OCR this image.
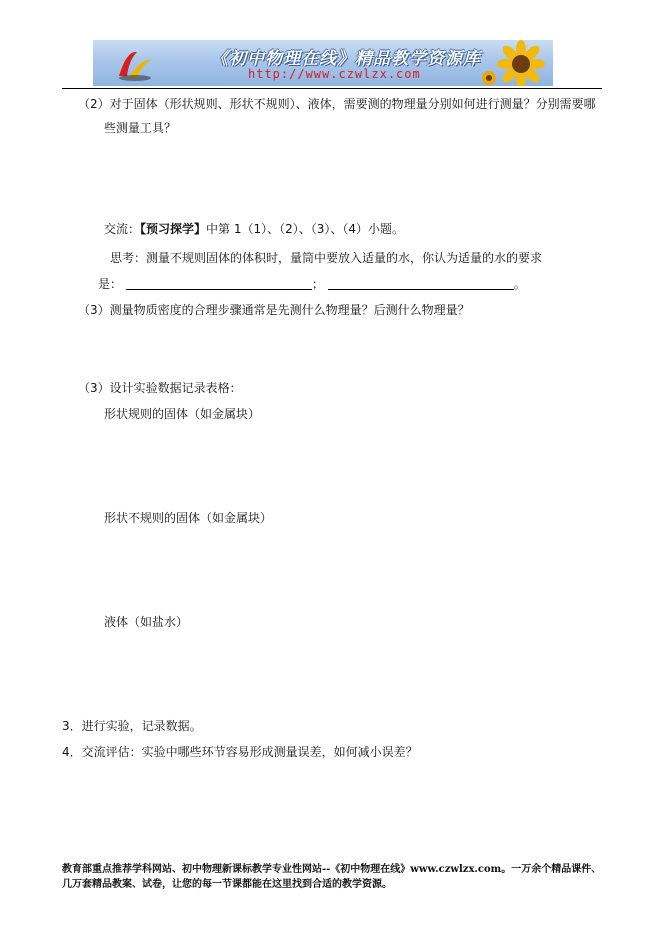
《初中物理在线》精品教学资源库
http://www.czwlzx.com
（2）对于固体（形状规则、形状不规则）、液体，需要测的物理量分别如何进行测量？分别需要哪
些测量工具？
交流：【预习探学】中第 1（1）、（2）、（3）、（4）小题。
思考：测量不规则固体的体积时，量筒中要放入适量的水，你认为适量的水的要求
是：	；	。
（3）测量物质密度的合理步骤通常是先测什么物理量？后测什么物理量？
（3）设计实验数据记录表格：
形状规则的固体（如金属块）
形状不规则的固体（如金属块）
液体（如盐水）
3．进行实验，记录数据。
4．交流评估：实验中哪些环节容易形成测量误差，如何减小误差？
教育部重点推荐学科网站、初中物理新课标教学专业性网站--《初中物理在线》www.czwlzx.com。一万余个精品课件、
几万套精品教案、试卷，让您的每一节课都能在这里找到合适的教学资源。
